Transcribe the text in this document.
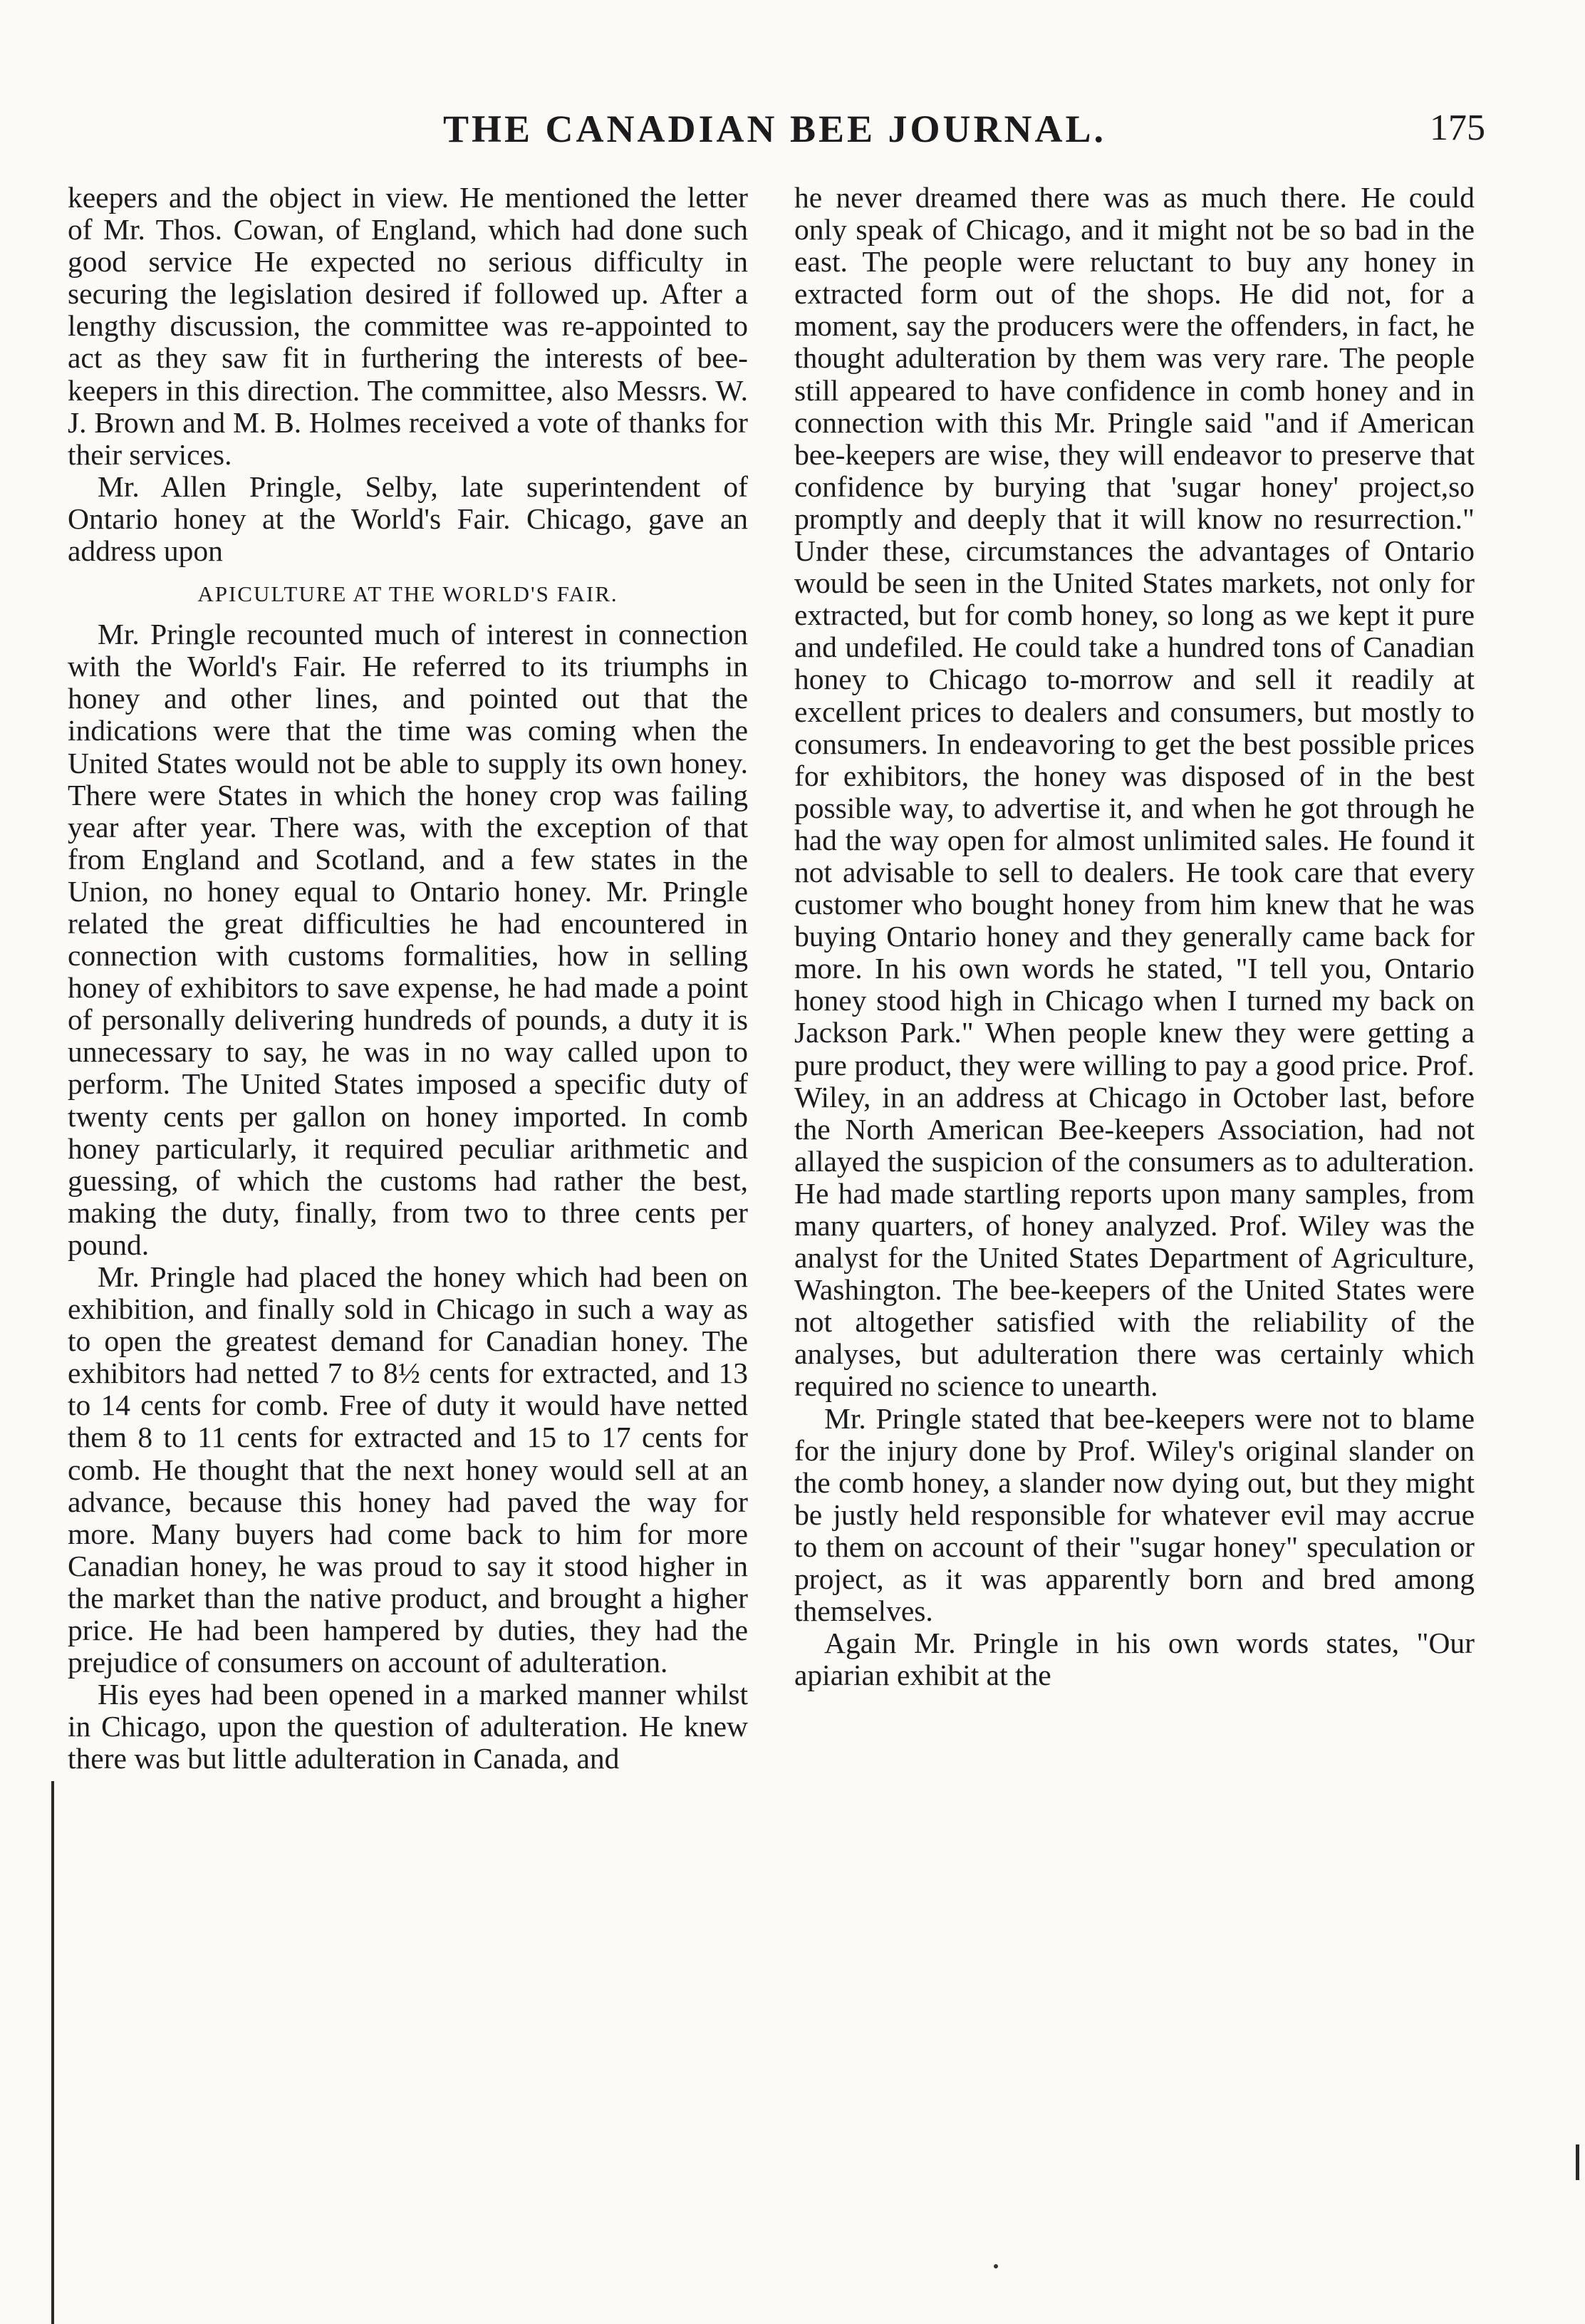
THE CANADIAN BEE JOURNAL.	175

keepers and the object in view. He mentioned the letter of Mr. Thos. Cowan, of England, which had done such good service He expected no serious difficulty in securing the legislation desired if followed up. After a lengthy discussion, the committee was re-appointed to act as they saw fit in furthering the interests of bee-keepers in this direction. The committee, also Messrs. W. J. Brown and M. B. Holmes received a vote of thanks for their services.

Mr. Allen Pringle, Selby, late superintendent of Ontario honey at the World's Fair. Chicago, gave an address upon

APICULTURE AT THE WORLD'S FAIR.

Mr. Pringle recounted much of interest in connection with the World's Fair. He referred to its triumphs in honey and other lines, and pointed out that the indications were that the time was coming when the United States would not be able to supply its own honey. There were States in which the honey crop was failing year after year. There was, with the exception of that from England and Scotland, and a few states in the Union, no honey equal to Ontario honey. Mr. Pringle related the great difficulties he had encountered in connection with customs formalities, how in selling honey of exhibitors to save expense, he had made a point of personally delivering hundreds of pounds, a duty it is unnecessary to say, he was in no way called upon to perform. The United States imposed a specific duty of twenty cents per gallon on honey imported. In comb honey particularly, it required peculiar arithmetic and guessing, of which the customs had rather the best, making the duty, finally, from two to three cents per pound.

Mr. Pringle had placed the honey which had been on exhibition, and finally sold in Chicago in such a way as to open the greatest demand for Canadian honey. The exhibitors had netted 7 to 8½ cents for extracted, and 13 to 14 cents for comb. Free of duty it would have netted them 8 to 11 cents for extracted and 15 to 17 cents for comb. He thought that the next honey would sell at an advance, because this honey had paved the way for more. Many buyers had come back to him for more Canadian honey, he was proud to say it stood higher in the market than the native product, and brought a higher price. He had been hampered by duties, they had the prejudice of consumers on account of adulteration.

His eyes had been opened in a marked manner whilst in Chicago, upon the question of adulteration. He knew there was but little adulteration in Canada, and

he never dreamed there was as much there. He could only speak of Chicago, and it might not be so bad in the east. The people were reluctant to buy any honey in extracted form out of the shops. He did not, for a moment, say the producers were the offenders, in fact, he thought adulteration by them was very rare. The people still appeared to have confidence in comb honey and in connection with this Mr. Pringle said "and if American bee-keepers are wise, they will endeavor to preserve that confidence by burying that 'sugar honey' project,so promptly and deeply that it will know no resurrection." Under these, circumstances the advantages of Ontario would be seen in the United States markets, not only for extracted, but for comb honey, so long as we kept it pure and undefiled. He could take a hundred tons of Canadian honey to Chicago to-morrow and sell it readily at excellent prices to dealers and consumers, but mostly to consumers. In endeavoring to get the best possible prices for exhibitors, the honey was disposed of in the best possible way, to advertise it, and when he got through he had the way open for almost unlimited sales. He found it not advisable to sell to dealers. He took care that every customer who bought honey from him knew that he was buying Ontario honey and they generally came back for more. In his own words he stated, "I tell you, Ontario honey stood high in Chicago when I turned my back on Jackson Park." When people knew they were getting a pure product, they were willing to pay a good price. Prof. Wiley, in an address at Chicago in October last, before the North American Bee-keepers Association, had not allayed the suspicion of the consumers as to adulteration. He had made startling reports upon many samples, from many quarters, of honey analyzed. Prof. Wiley was the analyst for the United States Department of Agriculture, Washington. The bee-keepers of the United States were not altogether satisfied with the reliability of the analyses, but adulteration there was certainly which required no science to unearth.

Mr. Pringle stated that bee-keepers were not to blame for the injury done by Prof. Wiley's original slander on the comb honey, a slander now dying out, but they might be justly held responsible for whatever evil may accrue to them on account of their "sugar honey" speculation or project, as it was apparently born and bred among themselves.

Again Mr. Pringle in his own words states, "Our apiarian exhibit at the
